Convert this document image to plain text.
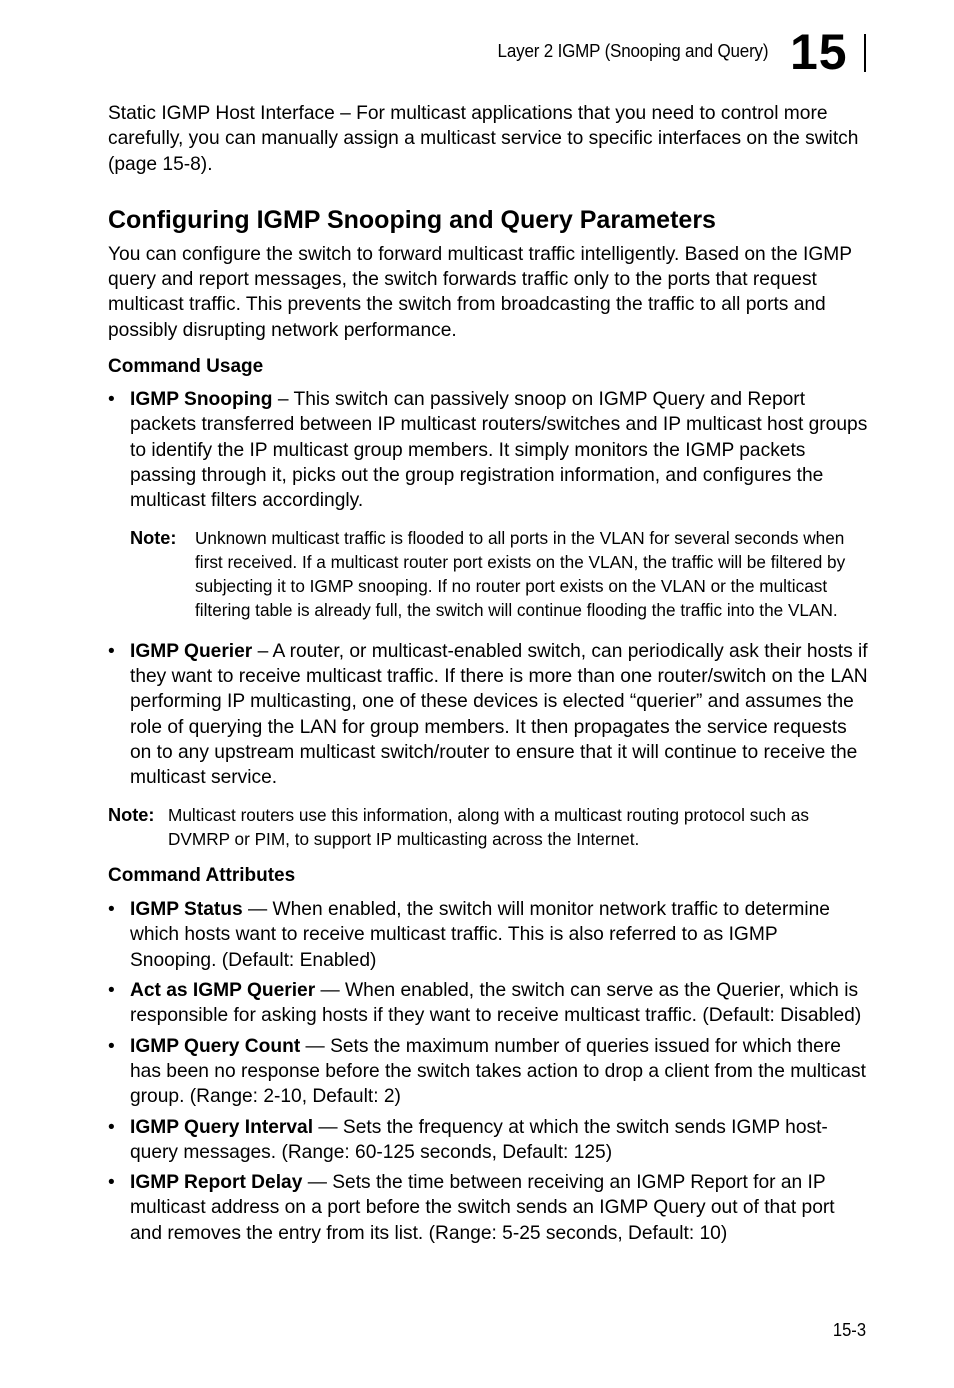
Layer 2 IGMP (Snooping and Query) 15

Static IGMP Host Interface – For multicast applications that you need to control more carefully, you can manually assign a multicast service to specific interfaces on the switch (page 15-8).

Configuring IGMP Snooping and Query Parameters

You can configure the switch to forward multicast traffic intelligently. Based on the IGMP query and report messages, the switch forwards traffic only to the ports that request multicast traffic. This prevents the switch from broadcasting the traffic to all ports and possibly disrupting network performance.

Command Usage
• IGMP Snooping – This switch can passively snoop on IGMP Query and Report packets transferred between IP multicast routers/switches and IP multicast host groups to identify the IP multicast group members. It simply monitors the IGMP packets passing through it, picks out the group registration information, and configures the multicast filters accordingly.
Note: Unknown multicast traffic is flooded to all ports in the VLAN for several seconds when first received. If a multicast router port exists on the VLAN, the traffic will be filtered by subjecting it to IGMP snooping. If no router port exists on the VLAN or the multicast filtering table is already full, the switch will continue flooding the traffic into the VLAN.
• IGMP Querier – A router, or multicast-enabled switch, can periodically ask their hosts if they want to receive multicast traffic. If there is more than one router/switch on the LAN performing IP multicasting, one of these devices is elected “querier” and assumes the role of querying the LAN for group members. It then propagates the service requests on to any upstream multicast switch/router to ensure that it will continue to receive the multicast service.
Note: Multicast routers use this information, along with a multicast routing protocol such as DVMRP or PIM, to support IP multicasting across the Internet.
Command Attributes
• IGMP Status — When enabled, the switch will monitor network traffic to determine which hosts want to receive multicast traffic. This is also referred to as IGMP Snooping. (Default: Enabled)
• Act as IGMP Querier — When enabled, the switch can serve as the Querier, which is responsible for asking hosts if they want to receive multicast traffic. (Default: Disabled)
• IGMP Query Count — Sets the maximum number of queries issued for which there has been no response before the switch takes action to drop a client from the multicast group. (Range: 2-10, Default: 2)
• IGMP Query Interval — Sets the frequency at which the switch sends IGMP host-query messages. (Range: 60-125 seconds, Default: 125)
• IGMP Report Delay — Sets the time between receiving an IGMP Report for an IP multicast address on a port before the switch sends an IGMP Query out of that port and removes the entry from its list. (Range: 5-25 seconds, Default: 10)
15-3
